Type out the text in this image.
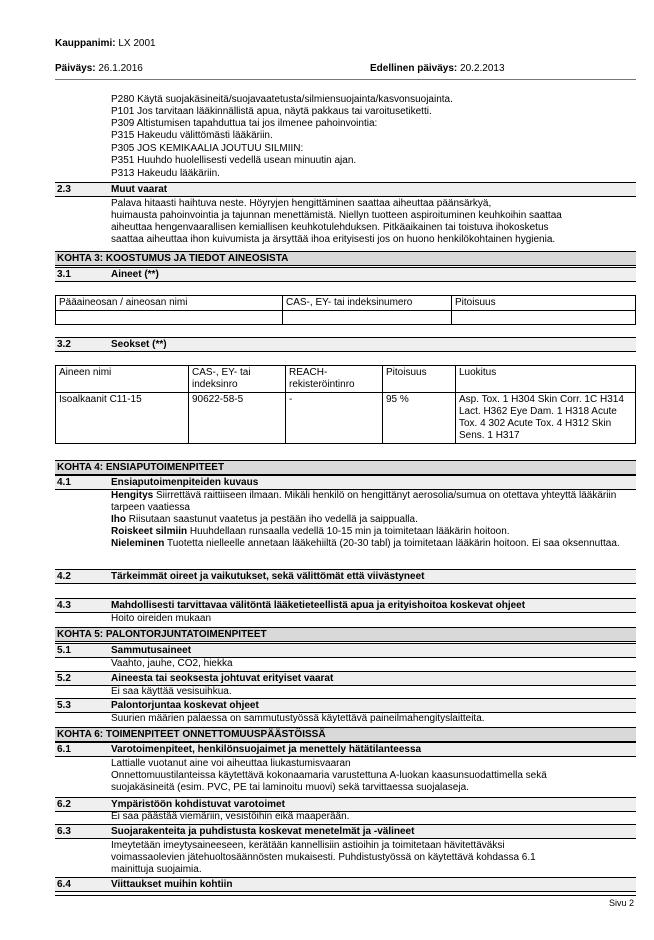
Kauppanimi: LX 2001
Päiväys: 26.1.2016	Edellinen päiväys: 20.2.2013
P280 Käytä suojakäsineitä/suojavaatetusta/silmiensuojainta/kasvonsuojainta.
P101 Jos tarvitaan lääkinnällistä apua, näytä pakkaus tai varoitusetiketti.
P309 Altistumisen tapahduttua tai jos ilmenee pahoinvointia:
P315 Hakeudu välittömästi lääkäriin.
P305 JOS KEMIKAALIA JOUTUU SILMIIN:
P351 Huuhdo huolellisesti vedellä usean minuutin ajan.
P313 Hakeudu lääkäriin.
2.3	Muut vaarat
Palava hitaasti haihtuva neste. Höyryjen hengittäminen saattaa aiheuttaa päänsärkyä,
huimausta pahoinvointia ja tajunnan menettämistä. Niellyn tuotteen aspiroituminen keuhkoihin saattaa
aiheuttaa hengenvaarallisen kemiallisen keuhkotulehduksen. Pitkäaikainen tai toistuva ihokosketus
saattaa aiheuttaa ihon kuivumista ja ärsyttää ihoa erityisesti jos on huono henkilökohtainen hygienia.
KOHTA 3: KOOSTUMUS JA TIEDOT AINEOSISTA
3.1	Aineet (**)
Pääaineosan / aineosan nimi	CAS-, EY- tai indeksinumero	Pitoisuus

3.2	Seokset (**)
Aineen nimi	CAS-, EY- tai indeksinro	REACH-rekisteröintinro	Pitoisuus	Luokitus
Isoalkaanit C11-15	90622-58-5	-	95 %	Asp. Tox. 1 H304 Skin Corr. 1C H314 Lact. H362 Eye Dam. 1 H318 Acute Tox. 4 302 Acute Tox. 4 H312 Skin Sens. 1 H317
KOHTA 4: ENSIAPUTOIMENPITEET
4.1	Ensiaputoimenpiteiden kuvaus
Hengitys Siirrettävä raittiiseen ilmaan. Mikäli henkilö on hengittänyt aerosolia/sumua on otettava yhteyttä lääkäriin tarpeen vaatiessa
Iho Riisutaan saastunut vaatetus ja pestään iho vedellä ja saippualla.
Roiskeet silmiin Huuhdellaan runsaalla vedellä 10-15 min ja toimitetaan lääkärin hoitoon.
Nieleminen Tuotetta nielleelle annetaan lääkehiiltä (20-30 tabl) ja toimitetaan lääkärin hoitoon. Ei saa oksennuttaa.
4.2	Tärkeimmät oireet ja vaikutukset, sekä välittömät että viivästyneet
4.3	Mahdollisesti tarvittavaa välitöntä lääketieteellistä apua ja erityishoitoa koskevat ohjeet
Hoito oireiden mukaan
KOHTA 5: PALONTORJUNTATOIMENPITEET
5.1	Sammutusaineet
Vaahto, jauhe, CO2, hiekka
5.2	Aineesta tai seoksesta johtuvat erityiset vaarat
Ei saa käyttää vesisuihkua.
5.3	Palontorjuntaa koskevat ohjeet
Suurien määrien palaessa on sammutustyössä käytettävä paineilmahengityslaitteita.
KOHTA 6: TOIMENPITEET ONNETTOMUUSPÄÄSTÖISSÄ
6.1	Varotoimenpiteet, henkilönsuojaimet ja menettely hätätilanteessa
Lattialle vuotanut aine voi aiheuttaa liukastumisvaaran
Onnettomuustilanteissa käytettävä kokonaamaria varustettuna A-luokan kaasunsuodattimella sekä
suojakäsineitä (esim. PVC, PE tai laminoitu muovi) sekä tarvittaessa suojalaseja.
6.2	Ympäristöön kohdistuvat varotoimet
Ei saa päästää viemäriin, vesistöihin eikä maaperään.
6.3	Suojarakenteita ja puhdistusta koskevat menetelmät ja -välineet
Imeytetään imeytysaineeseen, kerätään kannellisiin astioihin ja toimitetaan hävitettäväksi
voimassaolevien jätehuoltosäännösten mukaisesti. Puhdistustyössä on käytettävä kohdassa 6.1
mainittuja suojaimia.
6.4	Viittaukset muihin kohtiin
Sivu 2
